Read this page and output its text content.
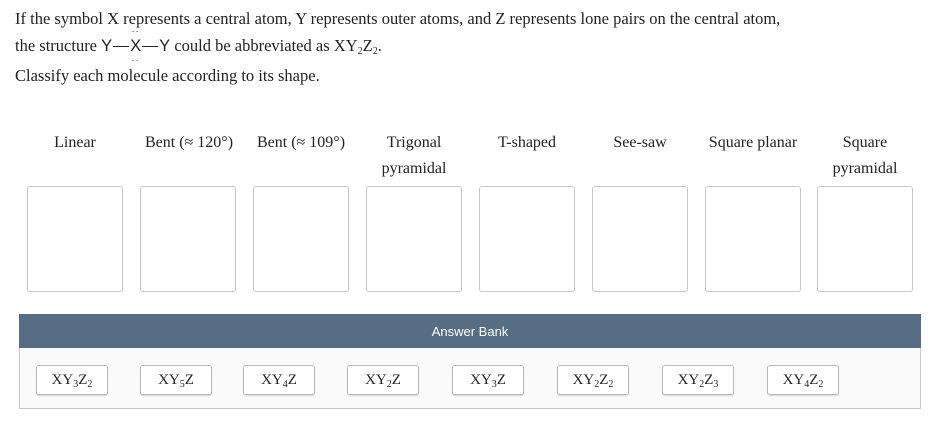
If the symbol X represents a central atom, Y represents outer atoms, and Z represents lone pairs on the central atom,
the structure Y
··
X
··
Y could be abbreviated as $XY_2Z_2$.
Classify each molecule according to its shape.
Linear	Bent (≈ 120°)	Bent (≈ 109°)	Trigonal
pyramidal
T-shaped	See-saw	Square planar	Square
pyramidal
Answer Bank
$XY_3Z_2$	$XY_5Z$	$XY_4Z$	$XY_2Z$	$XY_3Z$	$XY_2Z_2$	$XY_2Z_3$	$XY_4Z_2$
